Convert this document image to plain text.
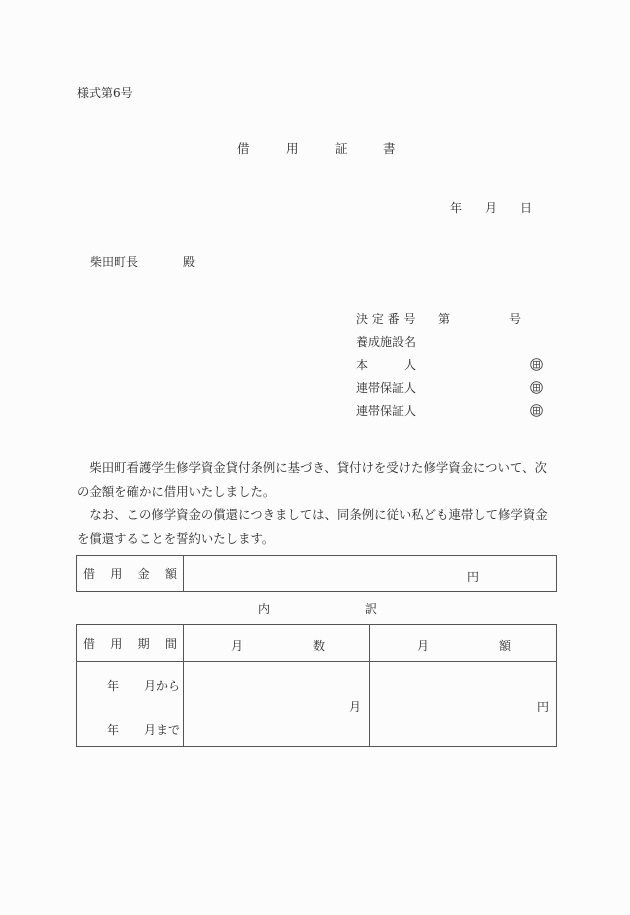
様式第6号
借	用	証	書
年 月 日
柴田町長	殿
決 定 番 号 第	号
養成施設名
本　　　人
連帯保証人
連帯保証人

柴田町看護学生修学資金貸付条例に基づき、貸付けを受けた修学資金について、次の金額を確かに借用いたしました。

なお、この修学資金の償還につきましては、同条例に従い私ども連帯して修学資金を償還することを誓約いたします。

借 用 金 額	円
内	訳
借 用 期 間	月 数	月 額

年 月から
年 月まで	月	円
